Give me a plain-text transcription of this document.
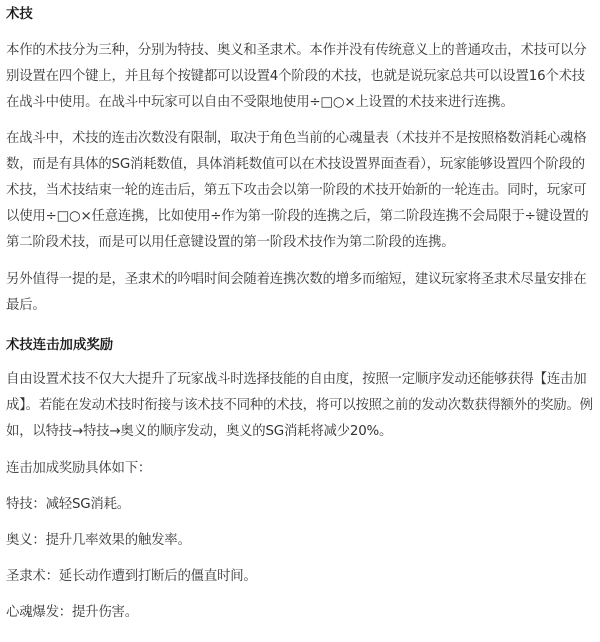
术技

本作的术技分为三种，分别为特技、奥义和圣隶术。本作并没有传统意义上的普通攻击，术技可以分别设置在四个键上，并且每个按键都可以设置4个阶段的术技，也就是说玩家总共可以设置16个术技在战斗中使用。在战斗中玩家可以自由不受限地使用÷□○×上设置的术技来进行连携。

在战斗中，术技的连击次数没有限制，取决于角色当前的心魂量表（术技并不是按照格数消耗心魂格数，而是有具体的SG消耗数值，具体消耗数值可以在术技设置界面查看），玩家能够设置四个阶段的术技，当术技结束一轮的连击后，第五下攻击会以第一阶段的术技开始新的一轮连击。同时，玩家可以使用÷□○×任意连携，比如使用÷作为第一阶段的连携之后，第二阶段连携不会局限于÷键设置的第二阶段术技，而是可以用任意键设置的第一阶段术技作为第二阶段的连携。

另外值得一提的是，圣隶术的吟唱时间会随着连携次数的增多而缩短，建议玩家将圣隶术尽量安排在最后。

术技连击加成奖励

自由设置术技不仅大大提升了玩家战斗时选择技能的自由度，按照一定顺序发动还能够获得【连击加成】。若能在发动术技时衔接与该术技不同种的术技，将可以按照之前的发动次数获得额外的奖励。例如，以特技→特技→奥义的顺序发动，奥义的SG消耗将减少20%。

连击加成奖励具体如下：

特技：减轻SG消耗。

奥义：提升几率效果的触发率。

圣隶术：延长动作遭到打断后的僵直时间。

心魂爆发：提升伤害。
